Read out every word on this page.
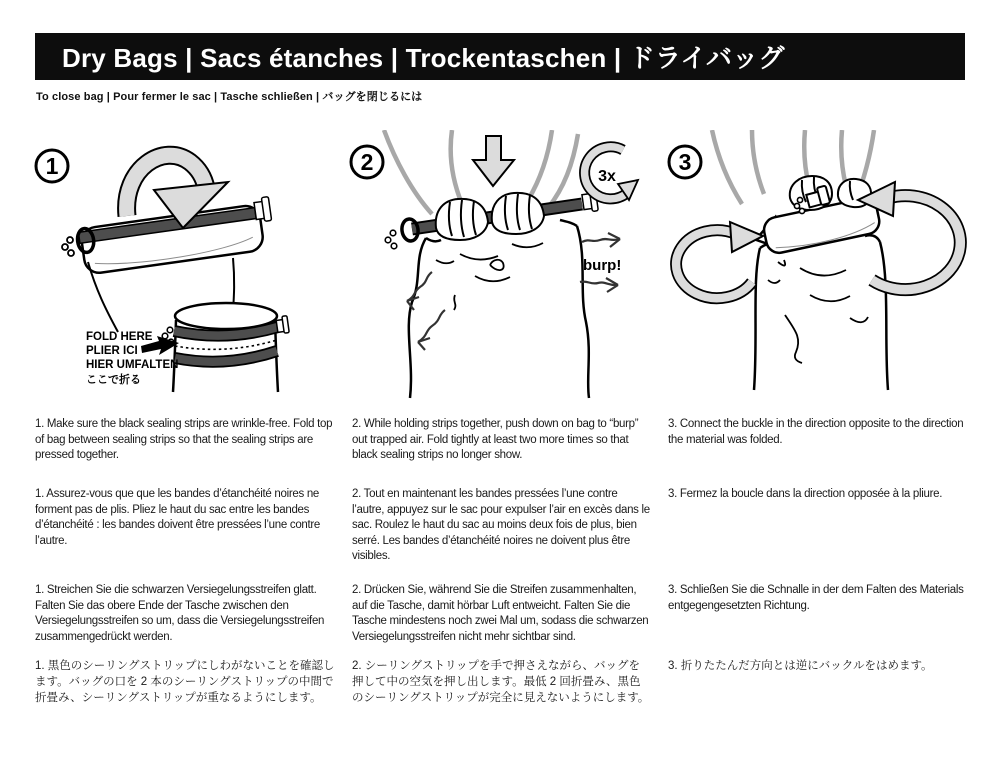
Dry Bags | Sacs étanches | Trockentaschen | ドライバッグ
To close bag | Pour fermer le sac | Tasche schließen | バッグを閉じるには
1
FOLD HERE
PLIER ICI
HIER UMFALTEN
ここで折る
2
3x
burp!
3
1. Make sure the black sealing strips are wrinkle-free. Fold top of bag between sealing strips so that the sealing strips are pressed together.
2. While holding strips together, push down on bag to “burp” out trapped air. Fold tightly at least two more times so that black sealing strips no longer show.
3. Connect the buckle in the direction opposite to the direction the material was folded.
1. Assurez-vous que que les bandes d’étanchéité noires ne forment pas de plis. Pliez le haut du sac entre les bandes d’étanchéité : les bandes doivent être pressées l’une contre l’autre.
2. Tout en maintenant les bandes pressées l’une contre l’autre, appuyez sur le sac pour expulser l’air en excès dans le sac. Roulez le haut du sac au moins deux fois de plus, bien serré. Les bandes d’étanchéité noires ne doivent plus être visibles.
3. Fermez la boucle dans la direction opposée à la pliure.
1. Streichen Sie die schwarzen Versiegelungsstreifen glatt. Falten Sie das obere Ende der Tasche zwischen den Versiegelungsstreifen so um, dass die Versiegelungsstreifen zusammengedrückt werden.
2. Drücken Sie, während Sie die Streifen zusammenhalten, auf die Tasche, damit hörbar Luft entweicht. Falten Sie die Tasche mindestens noch zwei Mal um, sodass die schwarzen Versiegelungsstreifen nicht mehr sichtbar sind.
3. Schließen Sie die Schnalle in der dem Falten des Materials entgegengesetzten Richtung.
1. 黒色のシーリングストリップにしわがないことを確認します。バッグの口を 2 本のシーリングストリップの中間で折畳み、シーリングストリップが重なるようにします。
2. シーリングストリップを手で押さえながら、バッグを押して中の空気を押し出します。最低 2 回折畳み、黒色のシーリングストリップが完全に見えないようにします。
3. 折りたたんだ方向とは逆にバックルをはめます。
